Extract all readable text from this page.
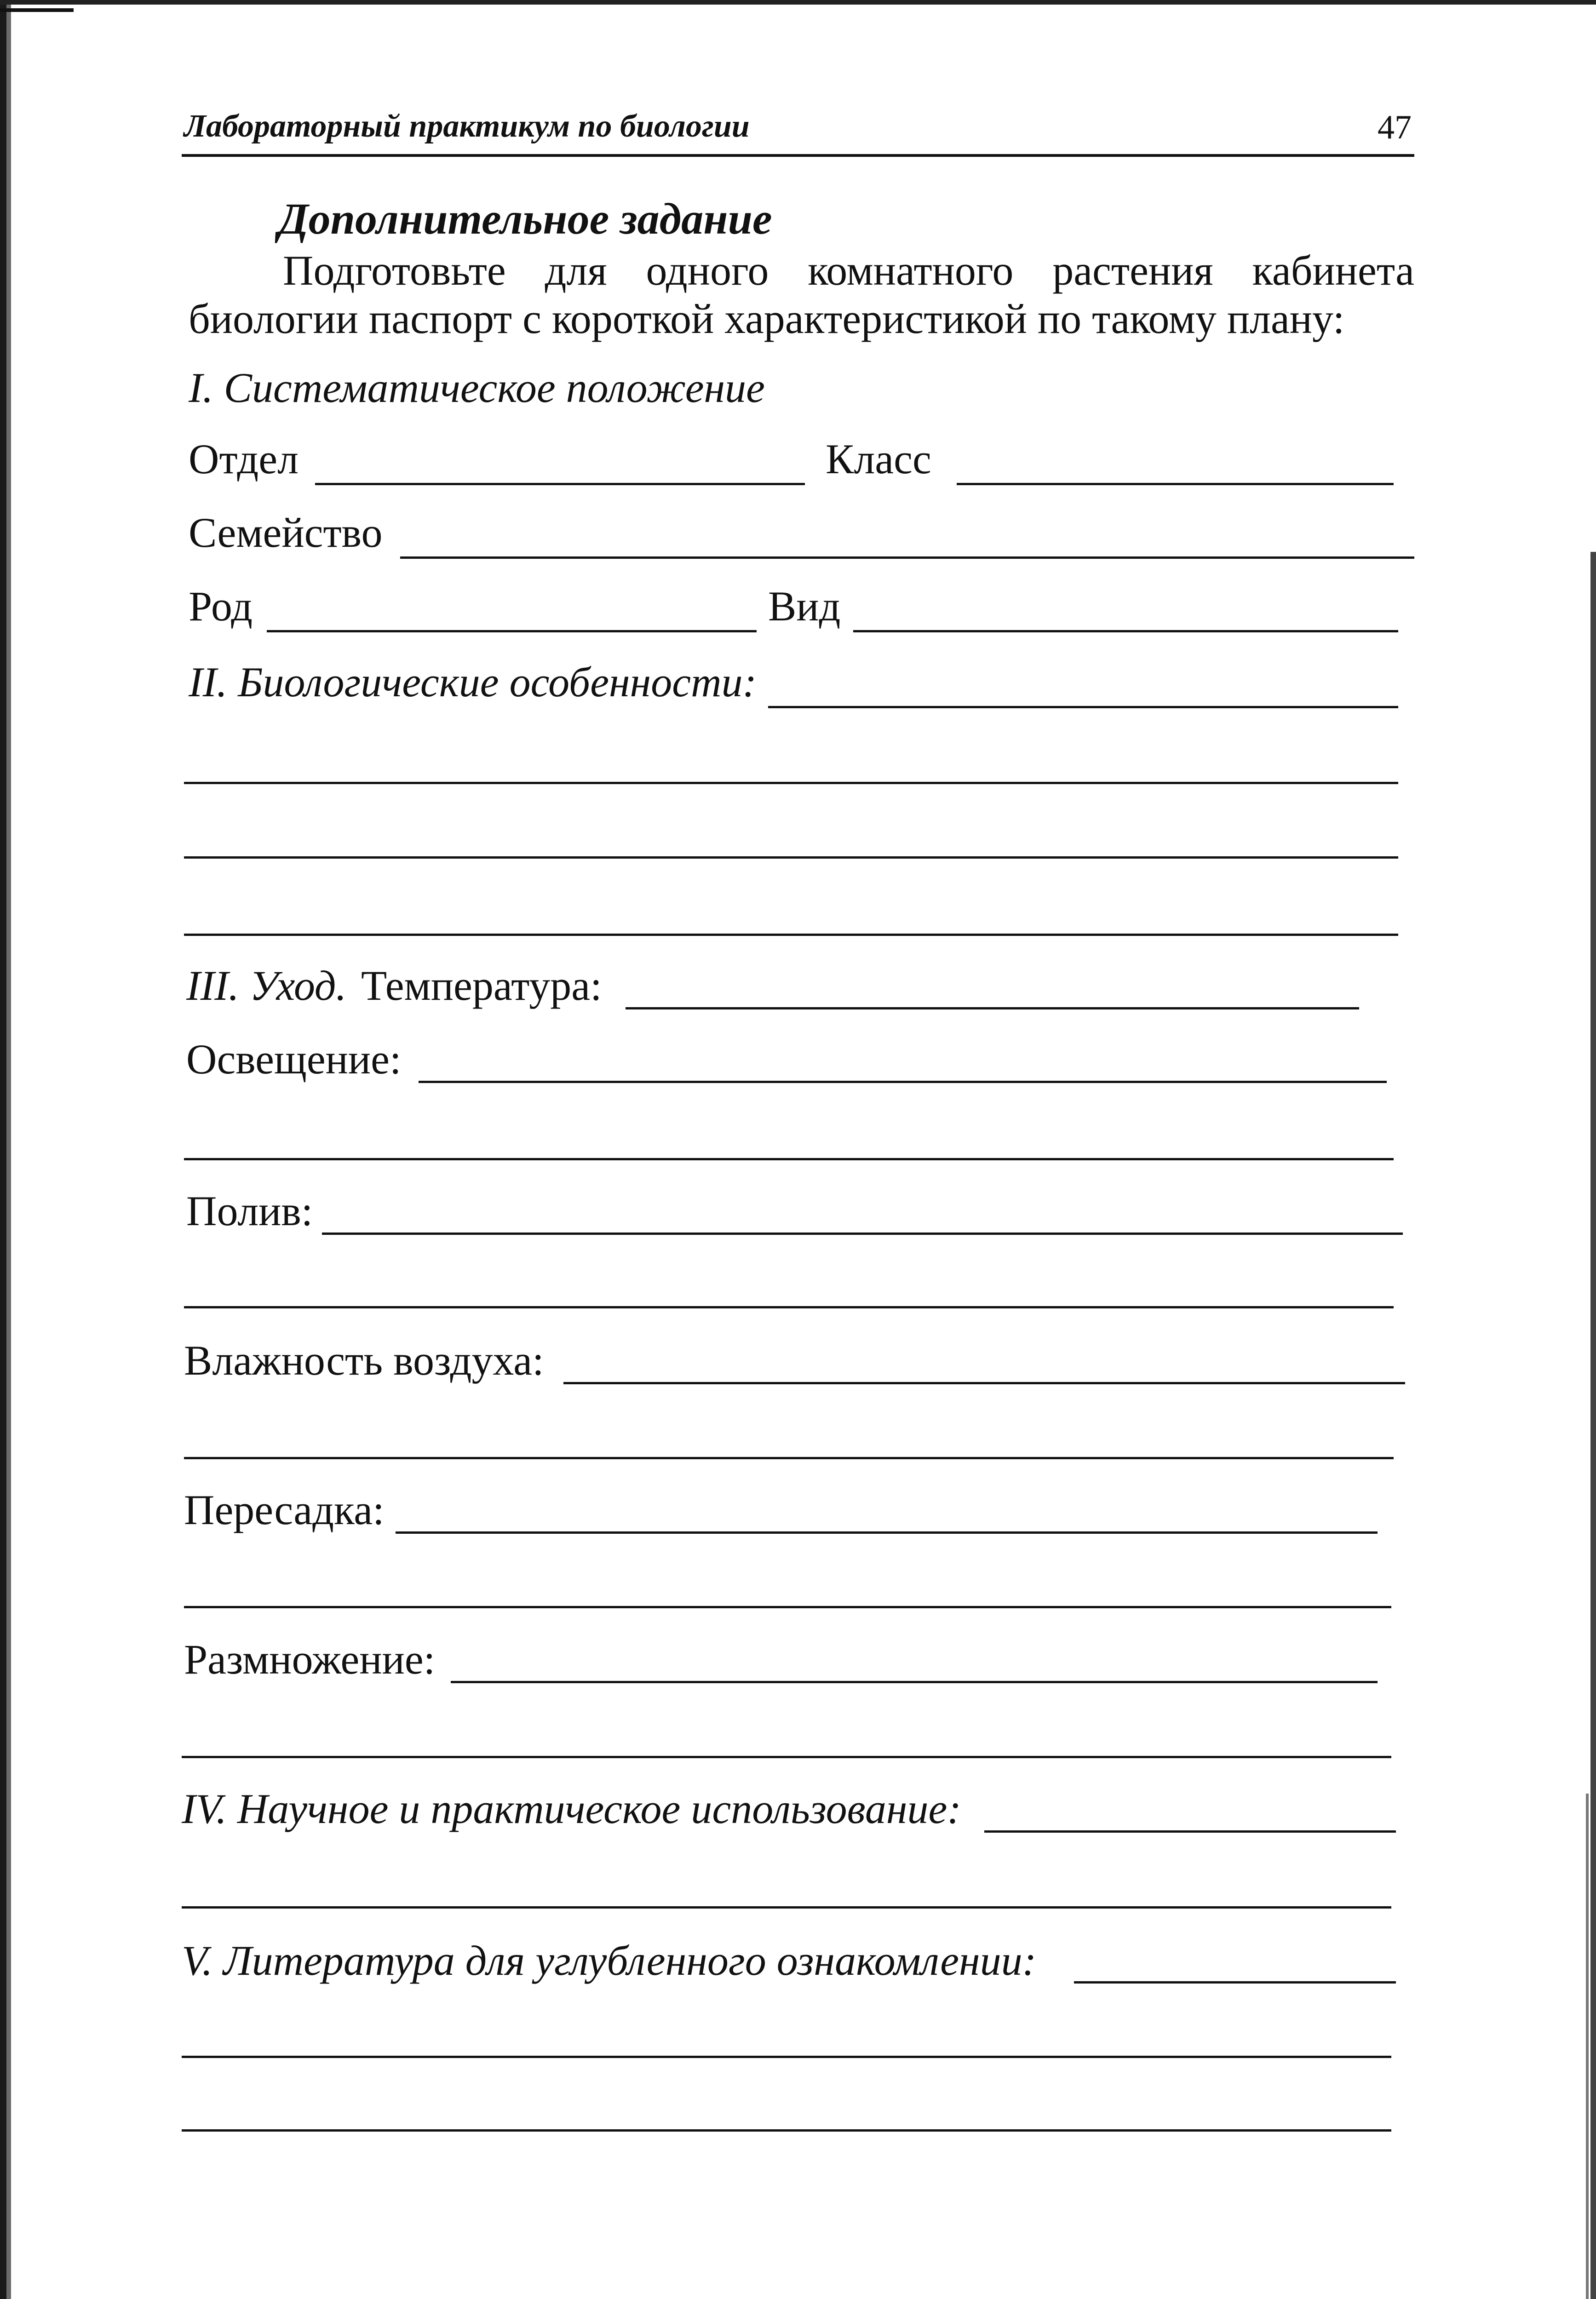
Лабораторный практикум по биологии	47
Дополнительное задание
Подготовьте для одного комнатного растения кабинета
биологии паспорт с короткой характеристикой по такому плану:
I. Систематическое положение
Отдел	Класс
Семейство
Род	Вид
II. Биологические особенности:
III. Уход. Температура:
Освещение:
Полив:
Влажность воздуха:
Пересадка:
Размножение:
IV. Научное и практическое использование:
V. Литература для углубленного ознакомлении:
